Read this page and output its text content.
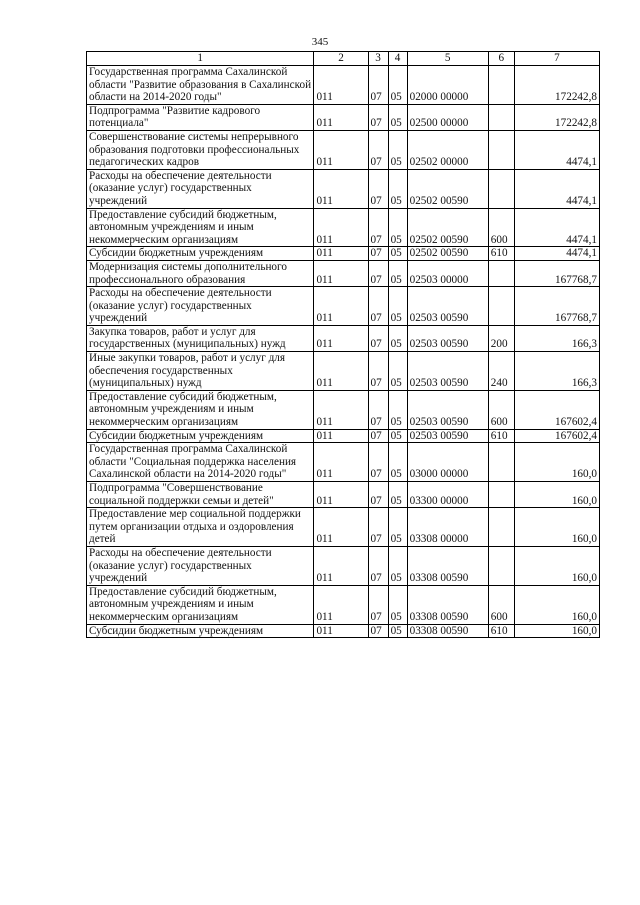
345
1	2	3	4	5	6	7
Государственная программа Сахалинской области "Развитие образования в Сахалинской области на 2014-2020 годы"	011	07	05	02000 00000		172242,8
Подпрограмма "Развитие кадрового потенциала"	011	07	05	02500 00000		172242,8
Совершенствование системы непрерывного образования подготовки профессиональных педагогических кадров	011	07	05	02502 00000		4474,1
Расходы на обеспечение деятельности (оказание услуг) государственных учреждений	011	07	05	02502 00590		4474,1
Предоставление субсидий бюджетным, автономным учреждениям и иным некоммерческим организациям	011	07	05	02502 00590	600	4474,1
Субсидии бюджетным учреждениям	011	07	05	02502 00590	610	4474,1
Модернизация системы дополнительного профессионального образования	011	07	05	02503 00000		167768,7
Расходы на обеспечение деятельности (оказание услуг) государственных учреждений	011	07	05	02503 00590		167768,7
Закупка товаров, работ и услуг для государственных (муниципальных) нужд	011	07	05	02503 00590	200	166,3
Иные закупки товаров, работ и услуг для обеспечения государственных (муниципальных) нужд	011	07	05	02503 00590	240	166,3
Предоставление субсидий бюджетным, автономным учреждениям и иным некоммерческим организациям	011	07	05	02503 00590	600	167602,4
Субсидии бюджетным учреждениям	011	07	05	02503 00590	610	167602,4
Государственная программа Сахалинской области "Социальная поддержка населения Сахалинской области на 2014-2020 годы"	011	07	05	03000 00000		160,0
Подпрограмма "Совершенствование социальной поддержки семьи и детей"	011	07	05	03300 00000		160,0
Предоставление мер социальной поддержки путем организации отдыха и оздоровления детей	011	07	05	03308 00000		160,0
Расходы на обеспечение деятельности (оказание услуг) государственных учреждений	011	07	05	03308 00590		160,0
Предоставление субсидий бюджетным, автономным учреждениям и иным некоммерческим организациям	011	07	05	03308 00590	600	160,0
Субсидии бюджетным учреждениям	011	07	05	03308 00590	610	160,0
